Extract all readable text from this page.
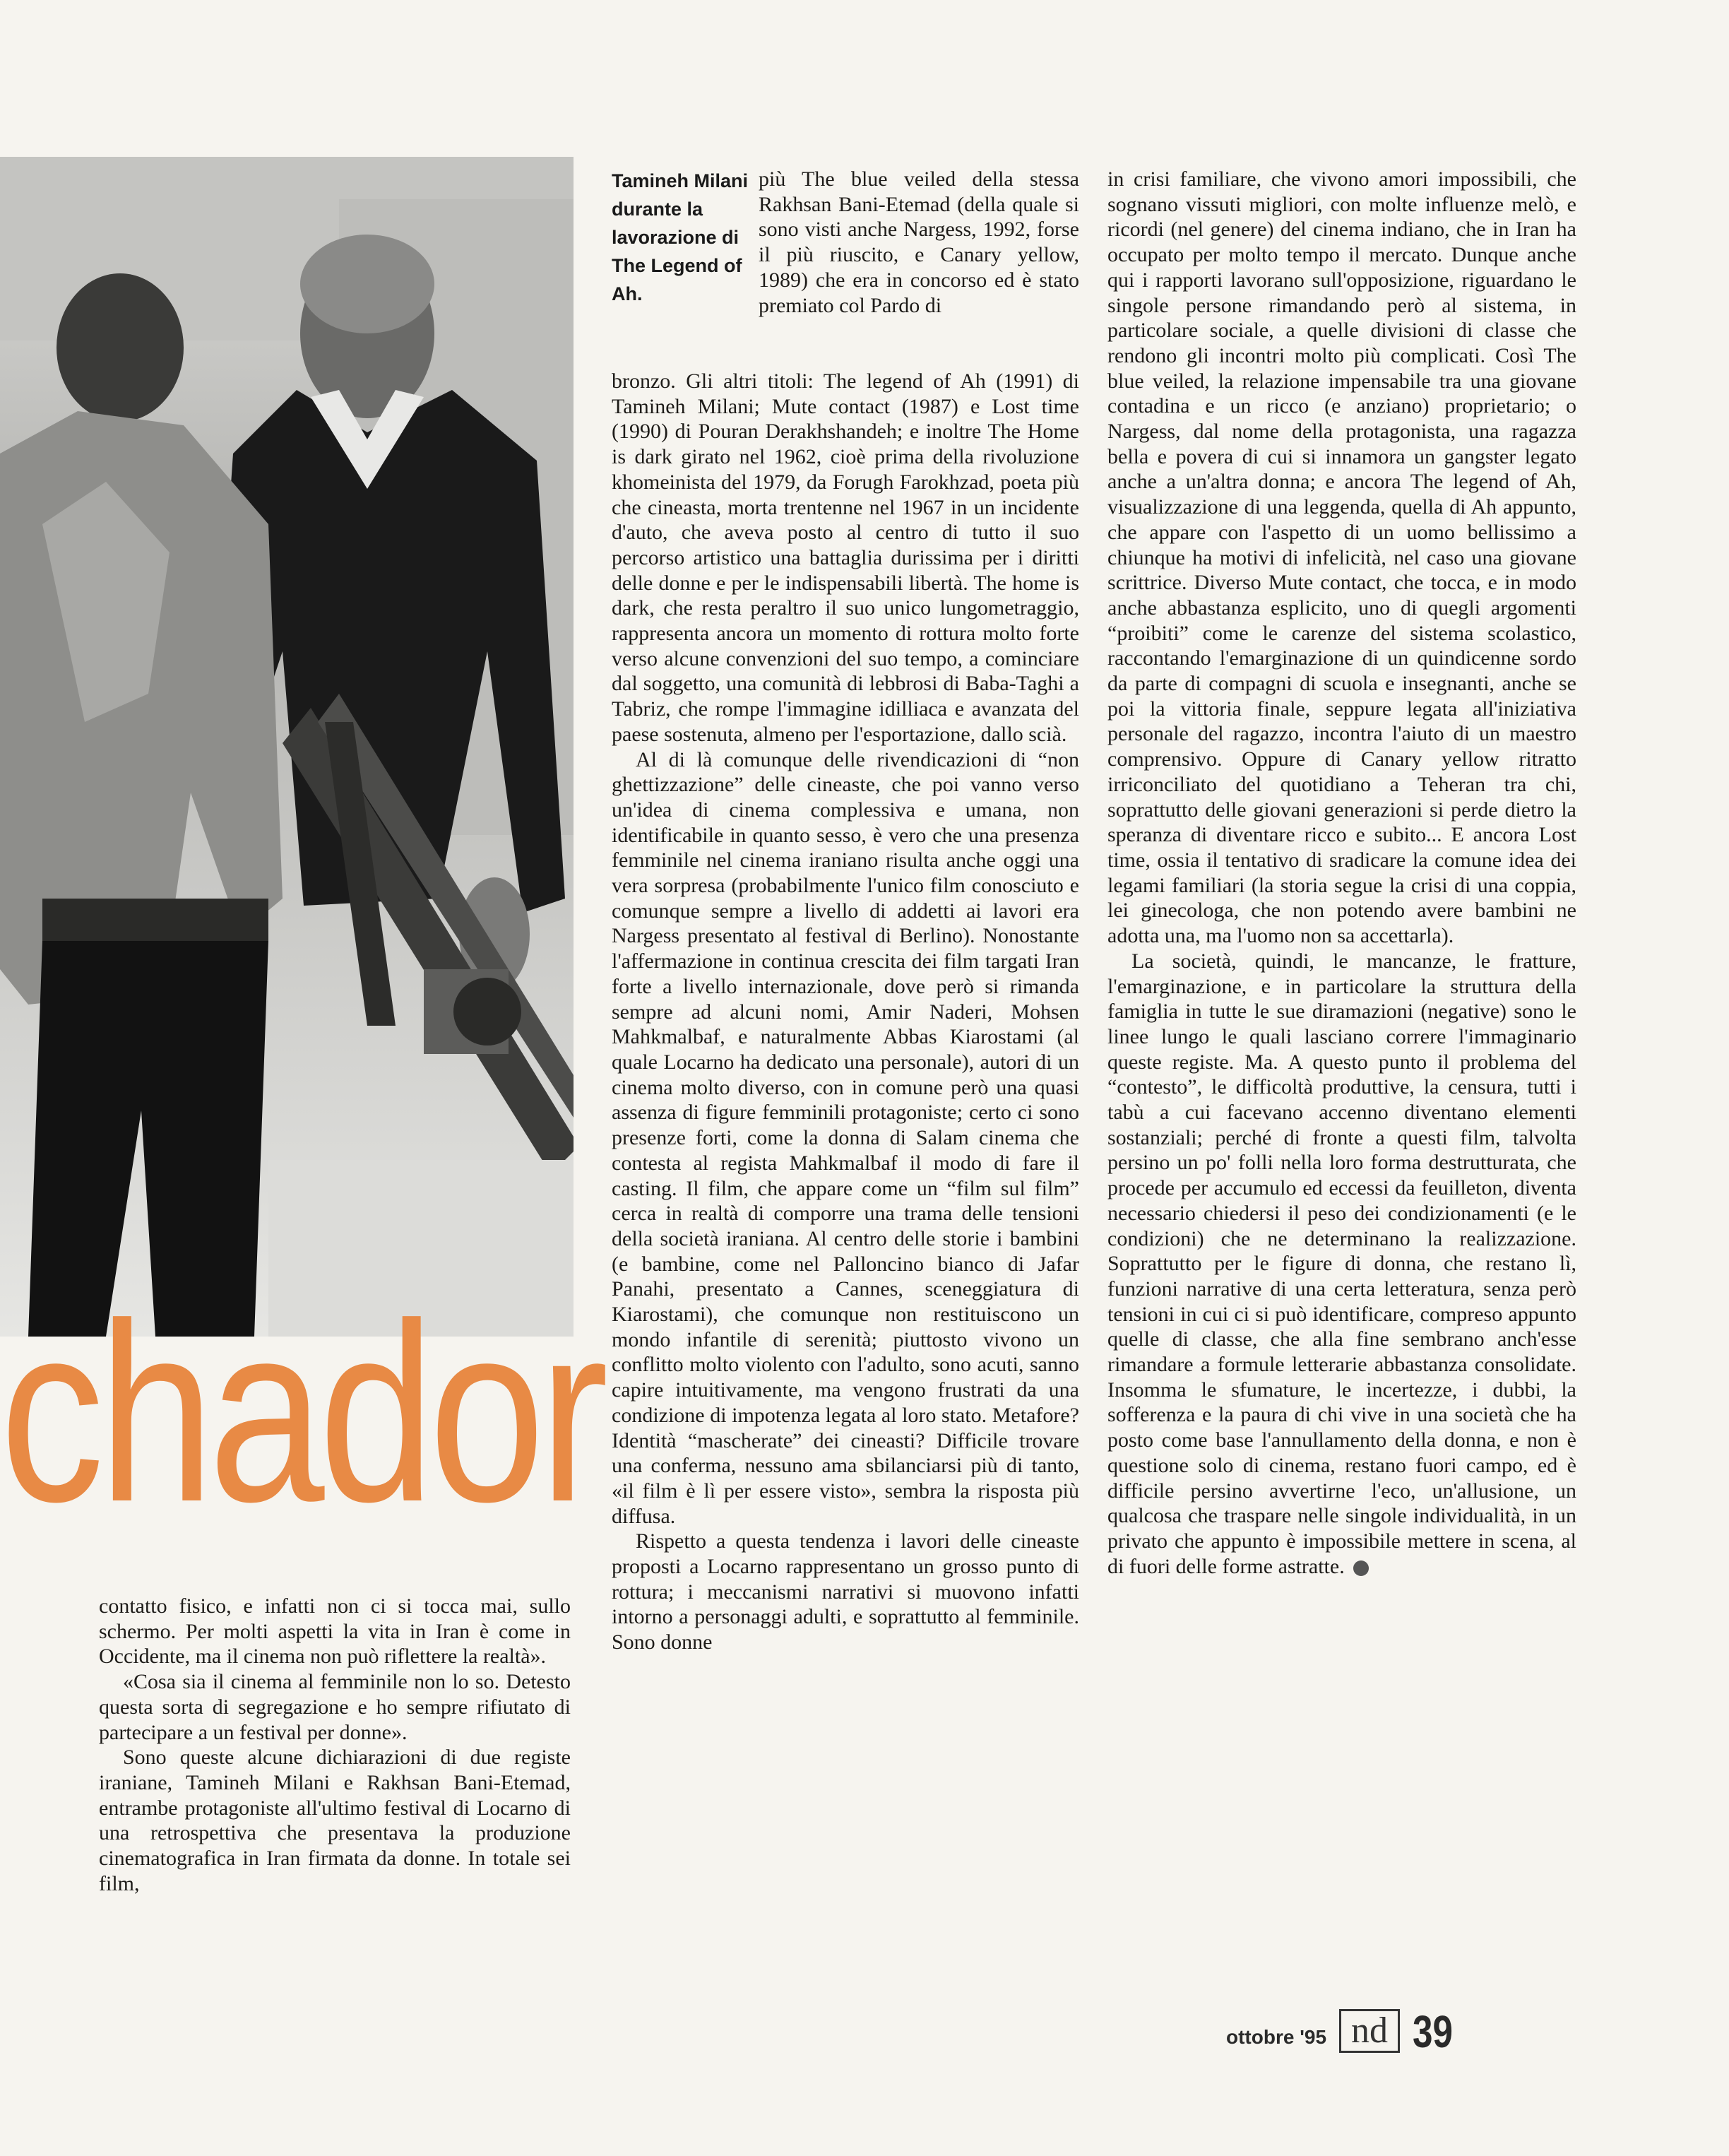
chador
Tamineh Milani durante la lavorazione di The Legend of Ah.

contatto fisico, e infatti non ci si tocca mai, sullo schermo. Per molti aspetti la vita in Iran è come in Occidente, ma il cinema non può riflettere la realtà».

«Cosa sia il cinema al femminile non lo so. Detesto questa sorta di segregazione e ho sempre rifiutato di partecipare a un festival per donne».

Sono queste alcune dichiarazioni di due registe iraniane, Tamineh Milani e Rakhsan Bani-Etemad, entrambe protagoniste all'ultimo festival di Locarno di una retrospettiva che presentava la produzione cinematografica in Iran firmata da donne. In totale sei film,

più The blue veiled della stessa Rakhsan Bani-Etemad (della quale si sono visti anche Nargess, 1992, forse il più riuscito, e Canary yellow, 1989) che era in concorso ed è stato premiato col Pardo di

bronzo. Gli altri titoli: The legend of Ah (1991) di Tamineh Milani; Mute contact (1987) e Lost time (1990) di Pouran Derakhshandeh; e inoltre The Home is dark girato nel 1962, cioè prima della rivoluzione khomeinista del 1979, da Forugh Farokhzad, poeta più che cineasta, morta trentenne nel 1967 in un incidente d'auto, che aveva posto al centro di tutto il suo percorso artistico una battaglia durissima per i diritti delle donne e per le indispensabili libertà. The home is dark, che resta peraltro il suo unico lungometraggio, rappresenta ancora un momento di rottura molto forte verso alcune convenzioni del suo tempo, a cominciare dal soggetto, una comunità di lebbrosi di Baba-Taghi a Tabriz, che rompe l'immagine idilliaca e avanzata del paese sostenuta, almeno per l'esportazione, dallo scià.

Al di là comunque delle rivendicazioni di “non ghettizzazione” delle cineaste, che poi vanno verso un'idea di cinema complessiva e umana, non identificabile in quanto sesso, è vero che una presenza femminile nel cinema iraniano risulta anche oggi una vera sorpresa (probabilmente l'unico film conosciuto e comunque sempre a livello di addetti ai lavori era Nargess presentato al festival di Berlino). Nonostante l'affermazione in continua crescita dei film targati Iran forte a livello internazionale, dove però si rimanda sempre ad alcuni nomi, Amir Naderi, Mohsen Mahkmalbaf, e naturalmente Abbas Kiarostami (al quale Locarno ha dedicato una personale), autori di un cinema molto diverso, con in comune però una quasi assenza di figure femminili protagoniste; certo ci sono presenze forti, come la donna di Salam cinema che contesta al regista Mahkmalbaf il modo di fare il casting. Il film, che appare come un “film sul film” cerca in realtà di comporre una trama delle tensioni della società iraniana. Al centro delle storie i bambini (e bambine, come nel Palloncino bianco di Jafar Panahi, presentato a Cannes, sceneggiatura di Kiarostami), che comunque non restituiscono un mondo infantile di serenità; piuttosto vivono un conflitto molto violento con l'adulto, sono acuti, sanno capire intuitivamente, ma vengono frustrati da una condizione di impotenza legata al loro stato. Metafore? Identità “mascherate” dei cineasti? Difficile trovare una conferma, nessuno ama sbilanciarsi più di tanto, «il film è lì per essere visto», sembra la risposta più diffusa.

Rispetto a questa tendenza i lavori delle cineaste proposti a Locarno rappresentano un grosso punto di rottura; i meccanismi narrativi si muovono infatti intorno a personaggi adulti, e soprattutto al femminile. Sono donne

in crisi familiare, che vivono amori impossibili, che sognano vissuti migliori, con molte influenze melò, e ricordi (nel genere) del cinema indiano, che in Iran ha occupato per molto tempo il mercato. Dunque anche qui i rapporti lavorano sull'opposizione, riguardano le singole persone rimandando però al sistema, in particolare sociale, a quelle divisioni di classe che rendono gli incontri molto più complicati. Così The blue veiled, la relazione impensabile tra una giovane contadina e un ricco (e anziano) proprietario; o Nargess, dal nome della protagonista, una ragazza bella e povera di cui si innamora un gangster legato anche a un'altra donna; e ancora The legend of Ah, visualizzazione di una leggenda, quella di Ah appunto, che appare con l'aspetto di un uomo bellissimo a chiunque ha motivi di infelicità, nel caso una giovane scrittrice. Diverso Mute contact, che tocca, e in modo anche abbastanza esplicito, uno di quegli argomenti “proibiti” come le carenze del sistema scolastico, raccontando l'emarginazione di un quindicenne sordo da parte di compagni di scuola e insegnanti, anche se poi la vittoria finale, seppure legata all'iniziativa personale del ragazzo, incontra l'aiuto di un maestro comprensivo. Oppure di Canary yellow ritratto irriconciliato del quotidiano a Teheran tra chi, soprattutto delle giovani generazioni si perde dietro la speranza di diventare ricco e subito... E ancora Lost time, ossia il tentativo di sradicare la comune idea dei legami familiari (la storia segue la crisi di una coppia, lei ginecologa, che non potendo avere bambini ne adotta una, ma l'uomo non sa accettarla).

La società, quindi, le mancanze, le fratture, l'emarginazione, e in particolare la struttura della famiglia in tutte le sue diramazioni (negative) sono le linee lungo le quali lasciano correre l'immaginario queste registe. Ma. A questo punto il problema del “contesto”, le difficoltà produttive, la censura, tutti i tabù a cui facevano accenno diventano elementi sostanziali; perché di fronte a questi film, talvolta persino un po' folli nella loro forma destrutturata, che procede per accumulo ed eccessi da feuilleton, diventa necessario chiedersi il peso dei condizionamenti (e le condizioni) che ne determinano la realizzazione. Soprattutto per le figure di donna, che restano lì, funzioni narrative di una certa letteratura, senza però tensioni in cui ci si può identificare, compreso appunto quelle di classe, che alla fine sembrano anch'esse rimandare a formule letterarie abbastanza consolidate. Insomma le sfumature, le incertezze, i dubbi, la sofferenza e la paura di chi vive in una società che ha posto come base l'annullamento della donna, e non è questione solo di cinema, restano fuori campo, ed è difficile persino avvertirne l'eco, un'allusione, un qualcosa che traspare nelle singole individualità, in un privato che appunto è impossibile mettere in scena, al di fuori delle forme astratte.

ottobre '95 nd 39
